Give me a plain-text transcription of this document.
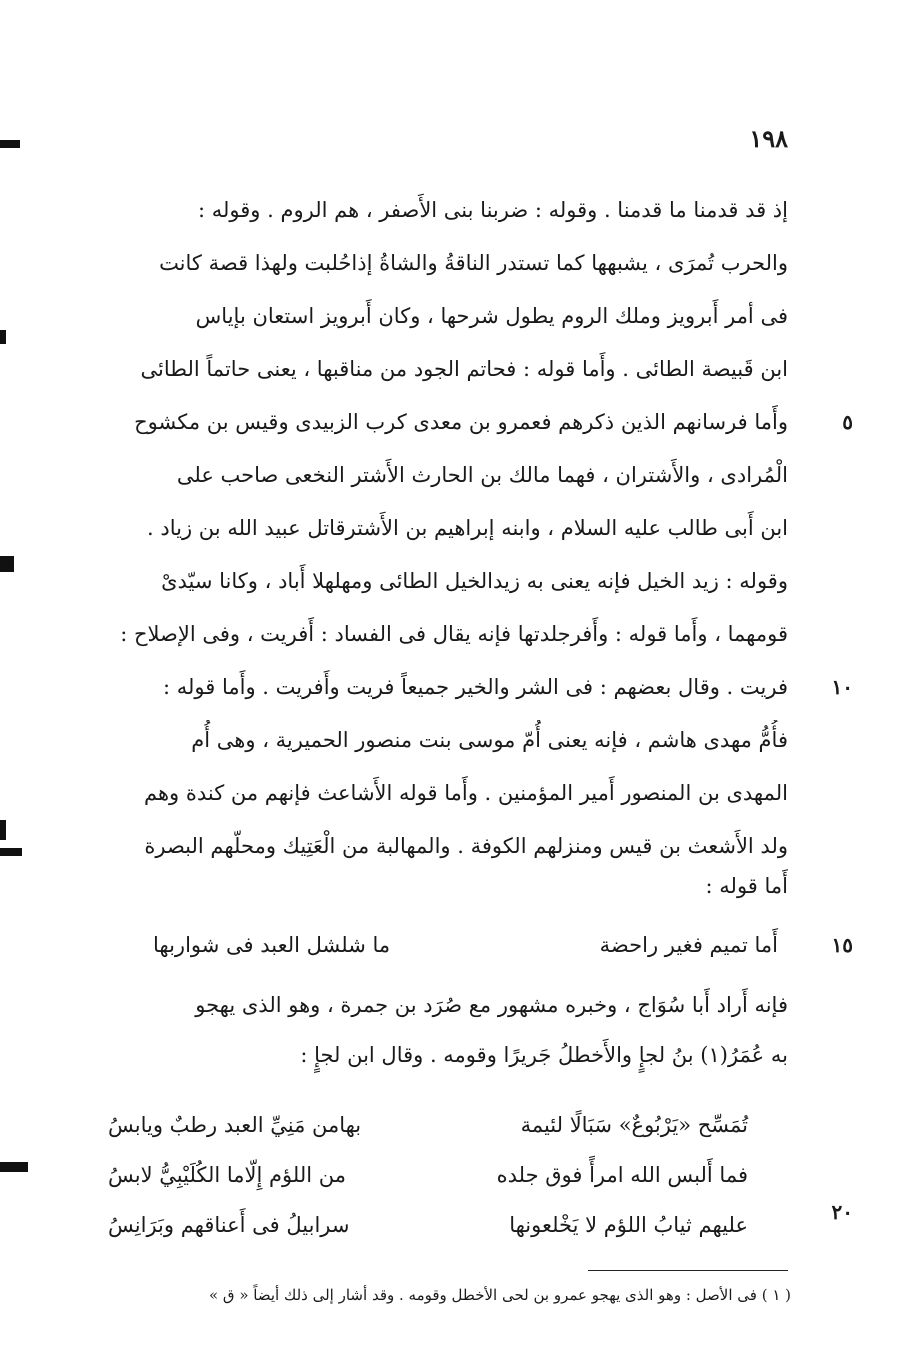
١٩٨
إذ قد قدمنا ما قدمنا . وقوله : ضربنا بنى الأَصفر ، هم الروم . وقوله :
والحرب تُمرَى ، يشبهها كما تستدر الناقةُ والشاةُ إذاحُلبت ولهذا قصة كانت
فى أمر أَبرويز وملك الروم يطول شرحها ، وكان أَبرويز استعان بإياس
ابن قَبيصة الطائى . وأَما قوله : فحاتم الجود من مناقبها ، يعنى حاتماً الطائى
وأَما فرسانهم الذين ذكرهم فعمرو بن معدى كرب الزبيدى وقيس بن مكشوح
الْمُرادى ، والأَشتران ، فهما مالك بن الحارث الأَشتر النخعى صاحب على
ابن أَبى طالب عليه السلام ، وابنه إبراهيم بن الأَشترقاتل عبيد الله بن زياد .
وقوله : زيد الخيل فإنه يعنى به زيدالخيل الطائى ومهلهلا أَباد ، وكانا سيّدىْ
قومهما ، وأَما قوله : وأَفرجلدتها فإنه يقال فى الفساد : أَفريت ، وفى الإصلاح :
فريت . وقال بعضهم : فى الشر والخير جميعاً فريت وأَفريت . وأَما قوله :
فأُمُّ مهدى هاشم ، فإنه يعنى أُمّ موسى بنت منصور الحميرية ، وهى أُم
المهدى بن المنصور أَمير المؤمنين . وأَما قوله الأَشاعث فإنهم من كندة وهم
ولد الأَشعث بن قيس ومنزلهم الكوفة . والمهالبة من الْعَتِيك ومحلّهم البصرة
أَما قوله :
٥
١٠
١٥
٢٠
أَما تميم فغير راحضة
ما شلشل العبد فى شواربها
فإنه أَراد أَبا سُوَاج ، وخبره مشهور مع صُرَد بن جمرة ، وهو الذى يهجو
به عُمَرُ(١) بنُ لجإٍ والأَخطلُ جَريرًا وقومه . وقال ابن لجإٍ :
تُمَسِّح «يَرْبُوعٌ» سَبَالًا لئيمة
بهامن مَنِيِّ العبد رطبٌ ويابسُ
فما أَلبس الله امرأً فوق جلده
من اللؤم إِلّاما الكُلَيْبِيُّ لابسُ
عليهم ثيابُ اللؤم لا يَخْلعونها
سرابيلُ فى أَعناقهم وبَرَانِسُ
( ١ ) فى الأصل : وهو الذى يهجو عمرو بن لحى الأخطل وقومه . وقد أشار إلى ذلك أيضاً « ق »
